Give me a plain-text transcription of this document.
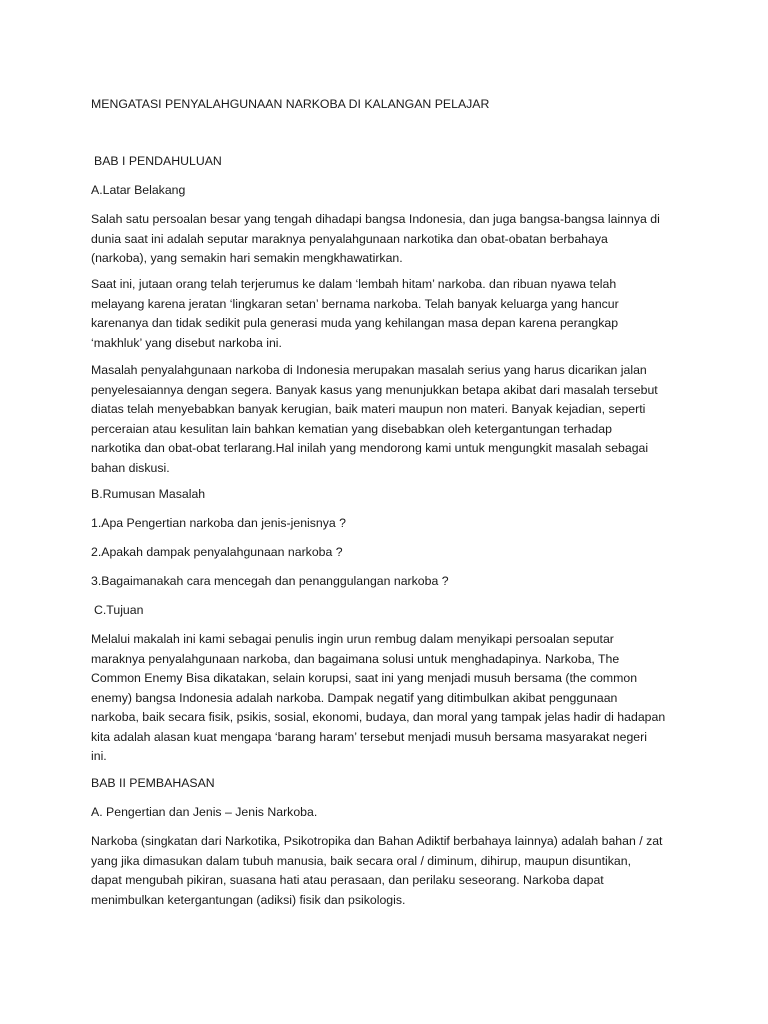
MENGATASI PENYALAHGUNAAN NARKOBA DI KALANGAN PELAJAR
BAB I PENDAHULUAN
A.Latar Belakang
Salah satu persoalan besar yang tengah dihadapi bangsa Indonesia, dan juga bangsa-bangsa lainnya di
dunia saat ini adalah seputar maraknya penyalahgunaan narkotika dan obat-obatan berbahaya
(narkoba), yang semakin hari semakin mengkhawatirkan.
Saat ini, jutaan orang telah terjerumus ke dalam ‘lembah hitam’ narkoba. dan ribuan nyawa telah
melayang karena jeratan ‘lingkaran setan’ bernama narkoba. Telah banyak keluarga yang hancur
karenanya dan tidak sedikit pula generasi muda yang kehilangan masa depan karena perangkap
‘makhluk’ yang disebut narkoba ini.
Masalah penyalahgunaan narkoba di Indonesia merupakan masalah serius yang harus dicarikan jalan
penyelesaiannya dengan segera. Banyak kasus yang menunjukkan betapa akibat dari masalah tersebut
diatas telah menyebabkan banyak kerugian, baik materi maupun non materi. Banyak kejadian, seperti
perceraian atau kesulitan lain bahkan kematian yang disebabkan oleh ketergantungan terhadap
narkotika dan obat-obat terlarang.Hal inilah yang mendorong kami untuk mengungkit masalah sebagai
bahan diskusi.
B.Rumusan Masalah
1.Apa Pengertian narkoba dan jenis-jenisnya ?
2.Apakah dampak penyalahgunaan narkoba ?
3.Bagaimanakah cara mencegah dan penanggulangan narkoba ?
C.Tujuan
Melalui makalah ini kami sebagai penulis ingin urun rembug dalam menyikapi persoalan seputar
maraknya penyalahgunaan narkoba, dan bagaimana solusi untuk menghadapinya. Narkoba, The
Common Enemy Bisa dikatakan, selain korupsi, saat ini yang menjadi musuh bersama (the common
enemy) bangsa Indonesia adalah narkoba. Dampak negatif yang ditimbulkan akibat penggunaan
narkoba, baik secara fisik, psikis, sosial, ekonomi, budaya, dan moral yang tampak jelas hadir di hadapan
kita adalah alasan kuat mengapa ‘barang haram’ tersebut menjadi musuh bersama masyarakat negeri
ini.
BAB II PEMBAHASAN
A. Pengertian dan Jenis – Jenis Narkoba.
Narkoba (singkatan dari Narkotika, Psikotropika dan Bahan Adiktif berbahaya lainnya) adalah bahan / zat
yang jika dimasukan dalam tubuh manusia, baik secara oral / diminum, dihirup, maupun disuntikan,
dapat mengubah pikiran, suasana hati atau perasaan, dan perilaku seseorang. Narkoba dapat
menimbulkan ketergantungan (adiksi) fisik dan psikologis.
